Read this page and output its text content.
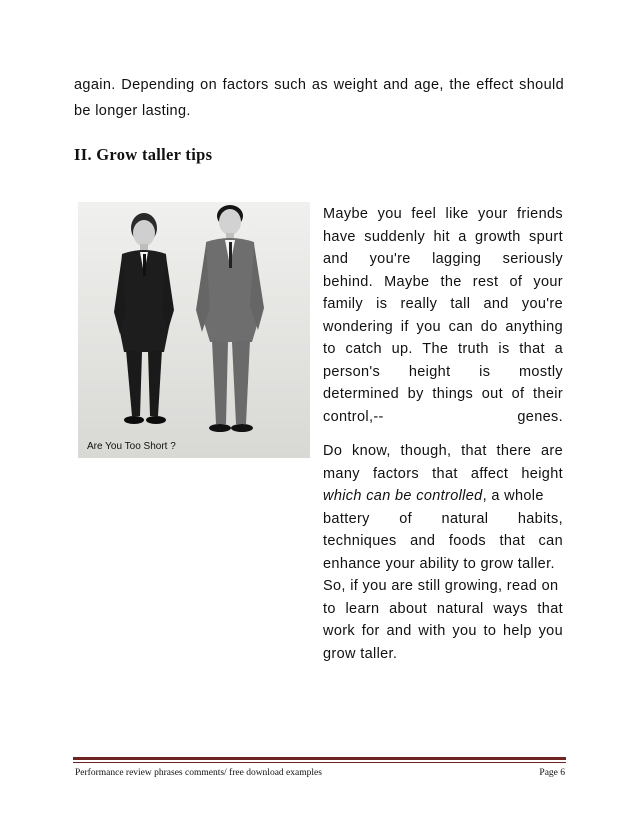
again. Depending on factors such as weight and age, the effect should
be longer lasting.
II. Grow taller tips
Are You Too Short ?

Maybe you feel like your friends
have suddenly hit a growth spurt
and you're lagging seriously
behind. Maybe the rest of your
family is really tall and you're
wondering if you can do anything
to catch up. The truth is that a
person's height is mostly
determined by things out of their
control,--	genes.

Do know, though, that there are
many factors that affect height
which can be controlled, a whole
battery of natural habits,
techniques and foods that can
enhance your ability to grow taller.
So, if you are still growing, read on
to learn about natural ways that
work for and with you to help you
grow taller.

Performance review phrases comments/ free download examples	Page 6
